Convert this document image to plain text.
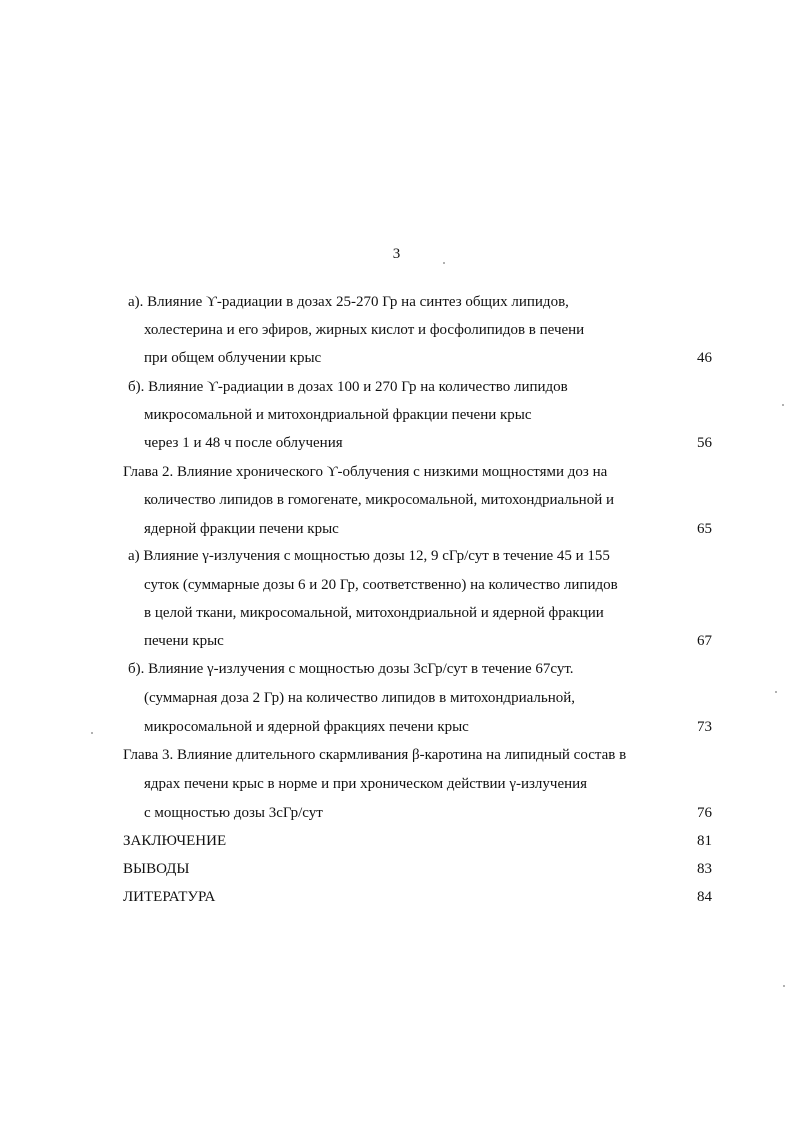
3
а). Влияние ϒ-радиации в дозах 25-270 Гр на синтез общих липидов,
холестерина и его эфиров, жирных кислот и фосфолипидов в печени
при общем облучении крыс	46
б). Влияние ϒ-радиации в дозах 100 и 270 Гр на количество липидов
микросомальной и митохондриальной фракции печени крыс
через 1 и 48 ч после облучения	56
Глава 2. Влияние хронического ϒ-облучения с низкими мощностями доз на
количество липидов в гомогенате, микросомальной, митохондриальной и
ядерной фракции печени крыс	65
а) Влияние γ-излучения с мощностью дозы 12, 9 сГр/сут в течение 45 и 155
суток (суммарные дозы 6 и 20 Гр, соответственно) на количество липидов
в целой ткани, микросомальной, митохондриальной и ядерной фракции
печени крыс	67
б). Влияние γ-излучения с мощностью дозы 3сГр/сут в течение 67сут.
(суммарная доза 2 Гр) на количество липидов в митохондриальной,
микросомальной и ядерной фракциях печени крыс	73
Глава 3. Влияние длительного скармливания β-каротина на липидный состав в
ядрах печени крыс в норме и при хроническом действии γ-излучения
с мощностью дозы 3сГр/сут	76
ЗАКЛЮЧЕНИЕ	81
ВЫВОДЫ	83
ЛИТЕРАТУРА	84
